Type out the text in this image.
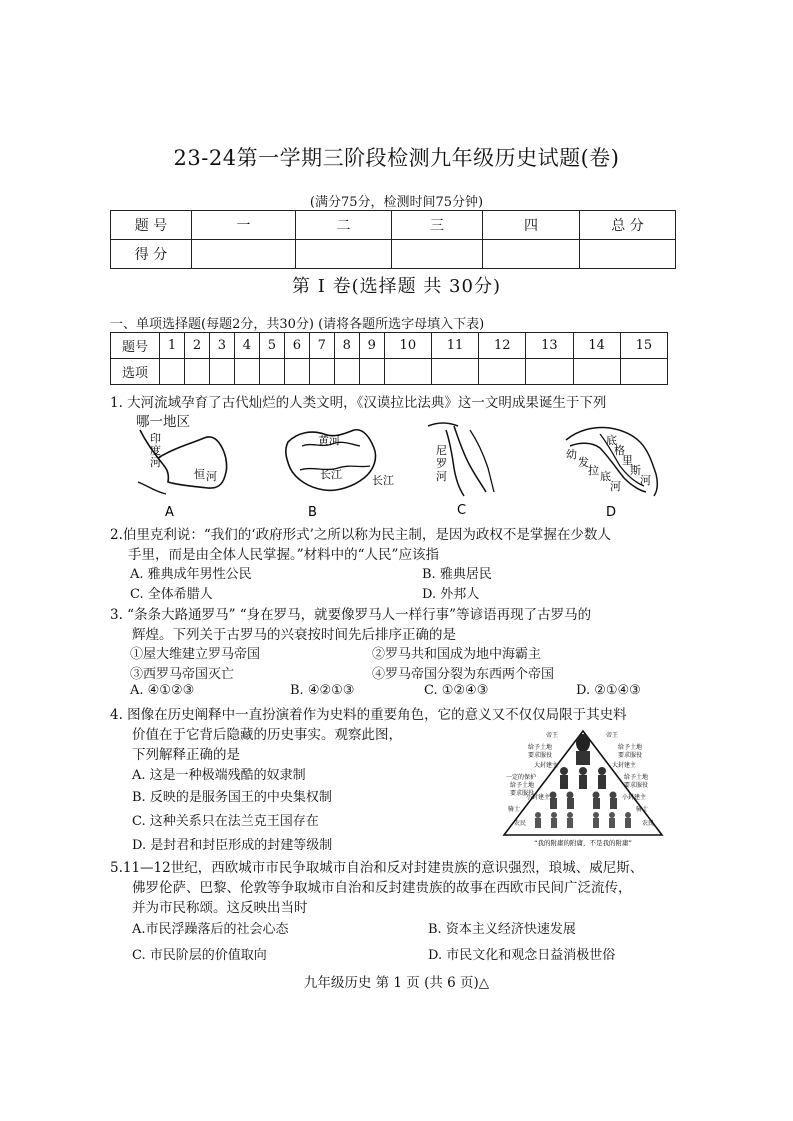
23-24第一学期三阶段检测九年级历史试题(卷)
(满分75分，检测时间75分钟)
题 号	一	二	三	四	总 分
得 分					
第 Ⅰ 卷(选择题 共 30分)
一、单项选择题(每题2分，共30分) (请将各题所选字母填入下表)
题号	1	2	3	4	5	6	7	8	9	10	11	12	13	14	15
选项															
1. 大河流域孕育了古代灿烂的人类文明，《汉谟拉比法典》这一文明成果诞生于下列
哪一地区
印
度
河
恒 河
A
黄河
长江	长江
B
尼
罗
河
C
幼
发
拉 底
河
底
格
里
斯
河
D
2.伯里克利说：“我们的‘政府形式’之所以称为民主制，是因为政权不是掌握在少数人
手里，而是由全体人民掌握。”材料中的“人民”应该指
A. 雅典成年男性公民	B. 雅典居民
C. 全体希腊人	D. 外邦人
3. “条条大路通罗马” “身在罗马，就要像罗马人一样行事”等谚语再现了古罗马的
辉煌。下列关于古罗马的兴衰按时间先后排序正确的是
①屋大维建立罗马帝国	②罗马共和国成为地中海霸主
③西罗马帝国灭亡	④罗马帝国分裂为东西两个帝国
A. ④①②③	B. ④②①③	C. ①②④③	D. ②①④③
4. 图像在历史阐释中一直扮演着作为史料的重要角色，它的意义又不仅仅局限于其史料
价值在于它背后隐藏的历史事实。观察此图，
下列解释正确的是
A. 这是一种极端残酷的奴隶制
B. 反映的是服务国王的中央集权制
C. 这种关系只在法兰克王国存在
D. 是封君和封臣形成的封建等级制
帝王	帝王
给予土地
要求服役
大封建主
一定的保护
给予土地
要求服役
小封建主
骑士
农民
给予土地
要求服役
大封建主
给予土地
要求服役
小封建主
骑士
农民
“我的附庸的附庸，不是我的附庸”
5.11—12世纪，西欧城市市民争取城市自治和反对封建贵族的意识强烈，琅城、威尼斯、
佛罗伦萨、巴黎、伦敦等争取城市自治和反封建贵族的故事在西欧市民间广泛流传，
并为市民称颂。这反映出当时
A.市民浮躁落后的社会心态	B. 资本主义经济快速发展
C. 市民阶层的价值取向	D. 市民文化和观念日益消极世俗
九年级历史 第 1 页 (共 6 页)△
